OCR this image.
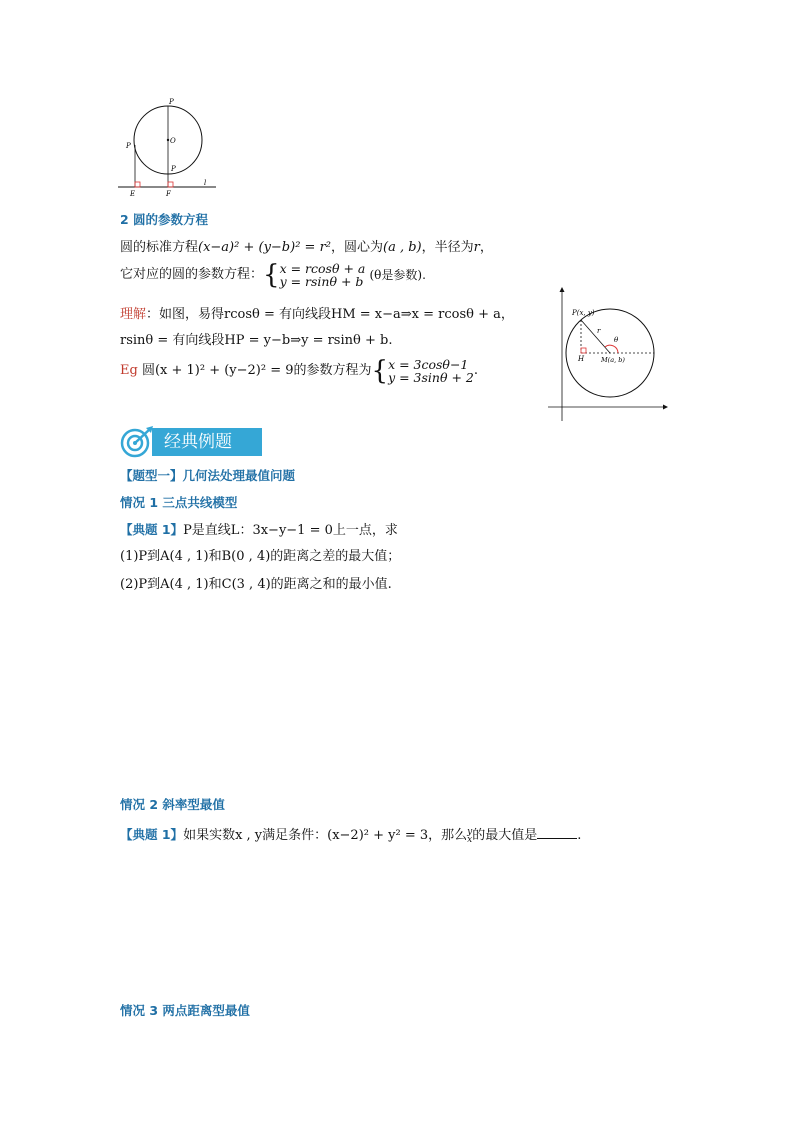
P
O
P
P
E	F
l
2 圆的参数方程
圆的标准方程(x−a)² + (y−b)² = r²，圆心为(a , b)，半径为r，
它对应的圆的参数方程：{x = rcosθ + a
y = rsinθ + b (θ是参数).
理解：如图，易得rcosθ = 有向线段HM = x−a⇒x = rcosθ + a，
rsinθ = 有向线段HP = y−b⇒y = rsinθ + b.
Eg 圆(x + 1)² + (y−2)² = 9的参数方程为{x = 3cosθ−1
y = 3sinθ + 2.
P(x, y)
r
θ
H	M(a, b)
经典例题
【题型一】几何法处理最值问题
情况 1 三点共线模型
【典题 1】P是直线L：3x−y−1 = 0上一点，求
(1)P到A(4 , 1)和B(0 , 4)的距离之差的最大值；
(2)P到A(4 , 1)和C(3 , 4)的距离之和的最小值.
情况 2 斜率型最值
【典题 1】如果实数x , y满足条件：(x−2)² + y² = 3，那么y
x的最大值是	.
情况 3 两点距离型最值
